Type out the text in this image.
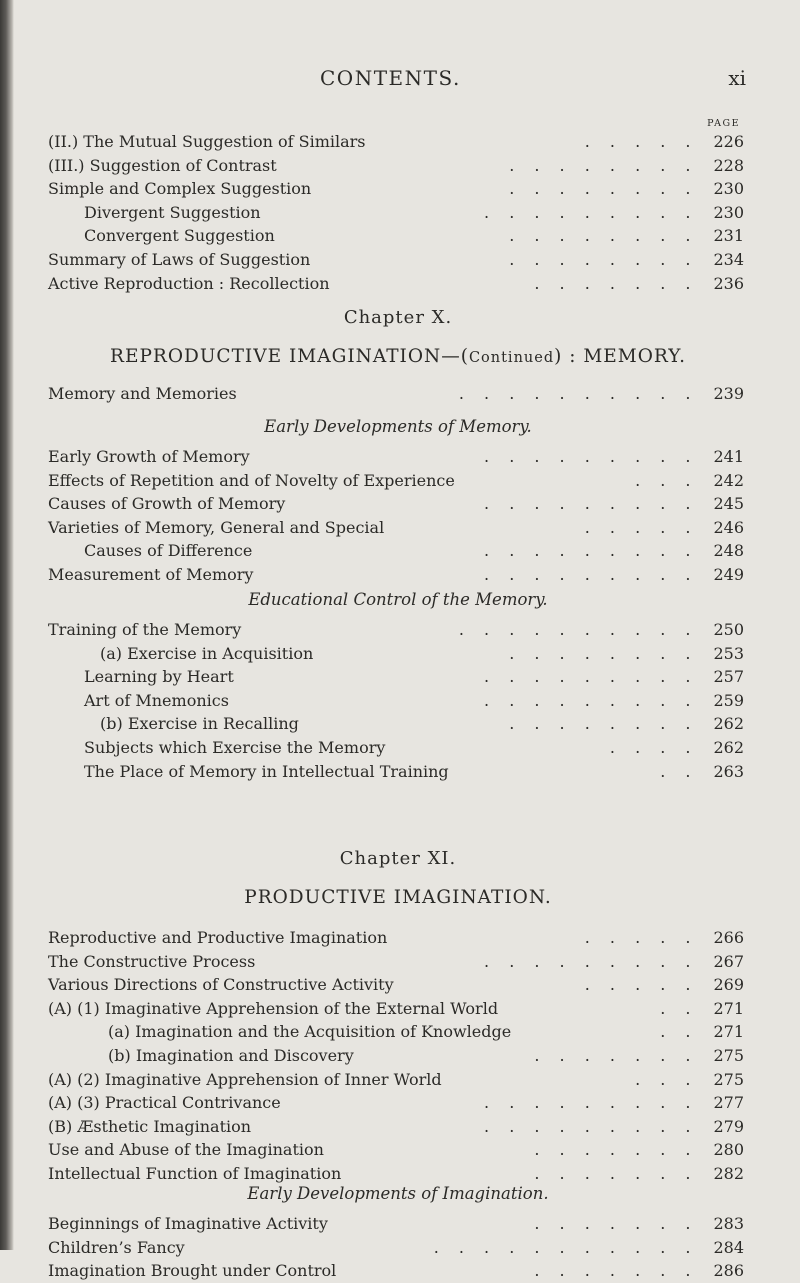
CONTENTS.	xi
PAGE
(II.) The Mutual Suggestion of Similars	. . . . . 226
(III.) Suggestion of Contrast	. . . . . . . . 228
Simple and Complex Suggestion	. . . . . . . . 230
Divergent Suggestion	. . . . . . . . . 230
Convergent Suggestion	. . . . . . . . 231
Summary of Laws of Suggestion	. . . . . . . . 234
Active Reproduction : Recollection	. . . . . . . 236
Chapter X.
REPRODUCTIVE IMAGINATION—(Continued) : MEMORY.
Memory and Memories	. . . . . . . . . . 239
Early Developments of Memory.
Early Growth of Memory	. . . . . . . . . 241
Effects of Repetition and of Novelty of Experience	. . . 242
Causes of Growth of Memory	. . . . . . . . . 245
Varieties of Memory, General and Special	. . . . . 246
Causes of Difference	. . . . . . . . . 248
Measurement of Memory	. . . . . . . . . 249
Educational Control of the Memory.
Training of the Memory	. . . . . . . . . . 250
(a) Exercise in Acquisition	. . . . . . . . 253
Learning by Heart	. . . . . . . . . 257
Art of Mnemonics	. . . . . . . . . 259
(b) Exercise in Recalling	. . . . . . . . 262
Subjects which Exercise the Memory	. . . . 262
The Place of Memory in Intellectual Training	. . 263
Chapter XI.
PRODUCTIVE IMAGINATION.
Reproductive and Productive Imagination	. . . . . 266
The Constructive Process	. . . . . . . . . 267
Various Directions of Constructive Activity	. . . . . 269
(A) (1) Imaginative Apprehension of the External World	. . 271
(a) Imagination and the Acquisition of Knowledge	. . 271
(b) Imagination and Discovery	. . . . . . . 275
(A) (2) Imaginative Apprehension of Inner World	. . . 275
(A) (3) Practical Contrivance	. . . . . . . . . 277
(B) Æsthetic Imagination	. . . . . . . . . 279
Use and Abuse of the Imagination	. . . . . . . 280
Intellectual Function of Imagination	. . . . . . . 282
Early Developments of Imagination.
Beginnings of Imaginative Activity	. . . . . . . 283
Children’s Fancy	. . . . . . . . . . . 284
Imagination Brought under Control	. . . . . . . 286
